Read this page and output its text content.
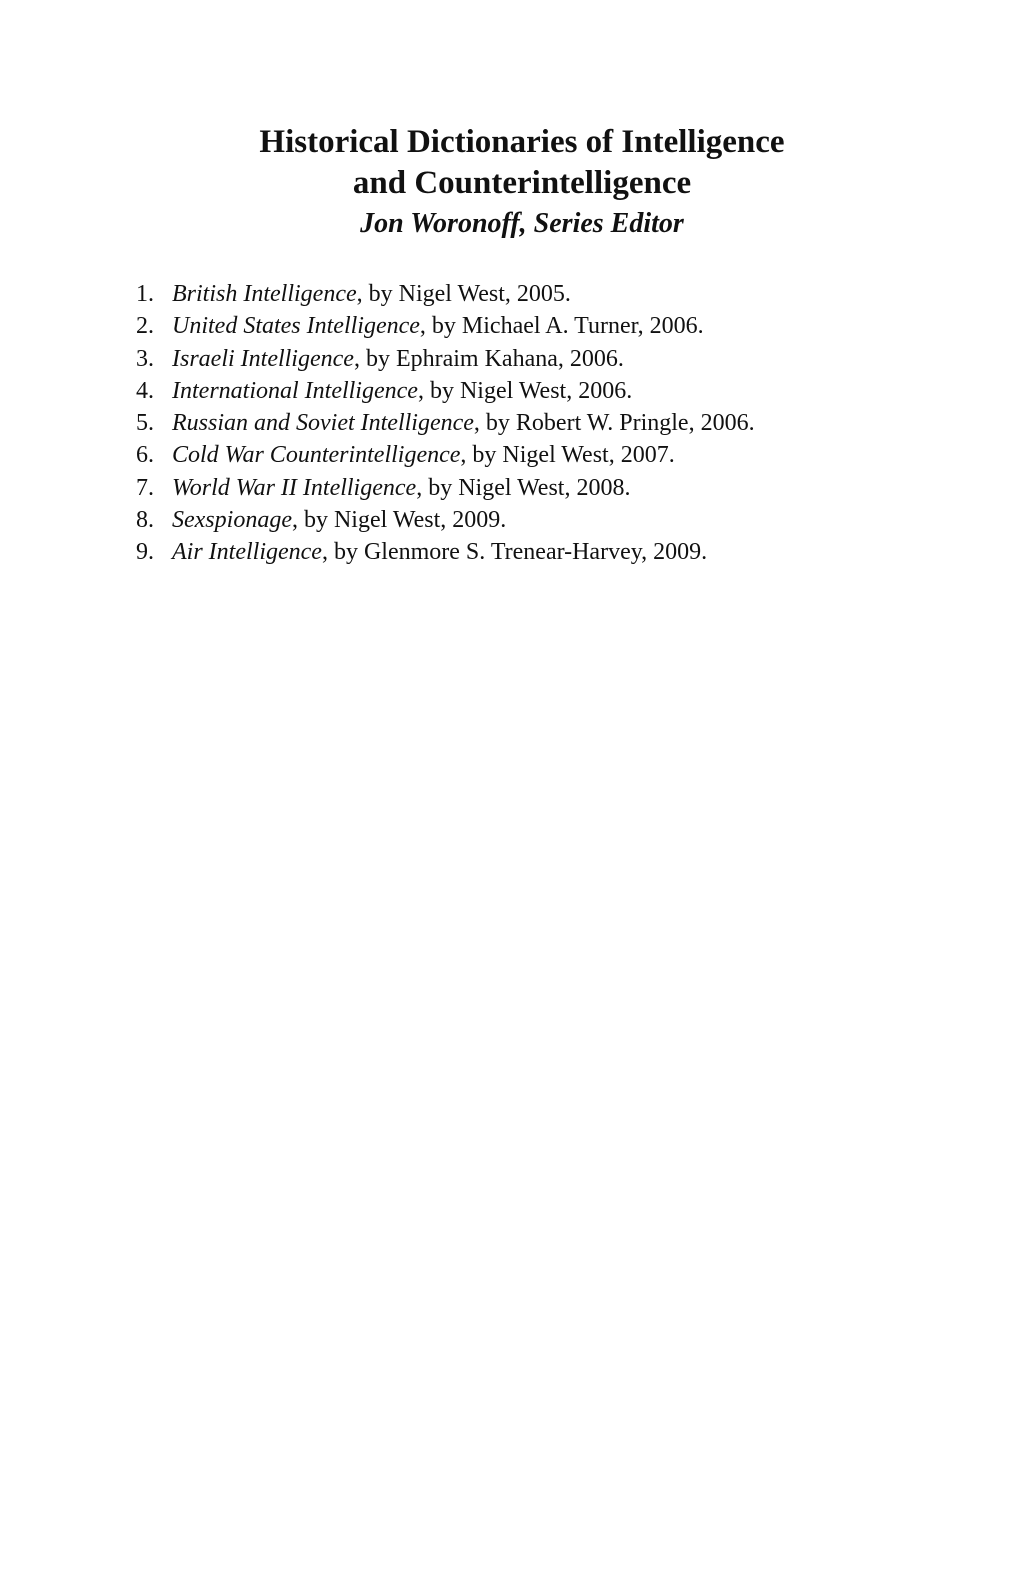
Historical Dictionaries of Intelligence

and Counterintelligence

Jon Woronoff, Series Editor

1. British Intelligence, by Nigel West, 2005.
2. United States Intelligence, by Michael A. Turner, 2006.
3. Israeli Intelligence, by Ephraim Kahana, 2006.
4. International Intelligence, by Nigel West, 2006.
5. Russian and Soviet Intelligence, by Robert W. Pringle, 2006.
6. Cold War Counterintelligence, by Nigel West, 2007.
7. World War II Intelligence, by Nigel West, 2008.
8. Sexspionage, by Nigel West, 2009.
9. Air Intelligence, by Glenmore S. Trenear-Harvey, 2009.
